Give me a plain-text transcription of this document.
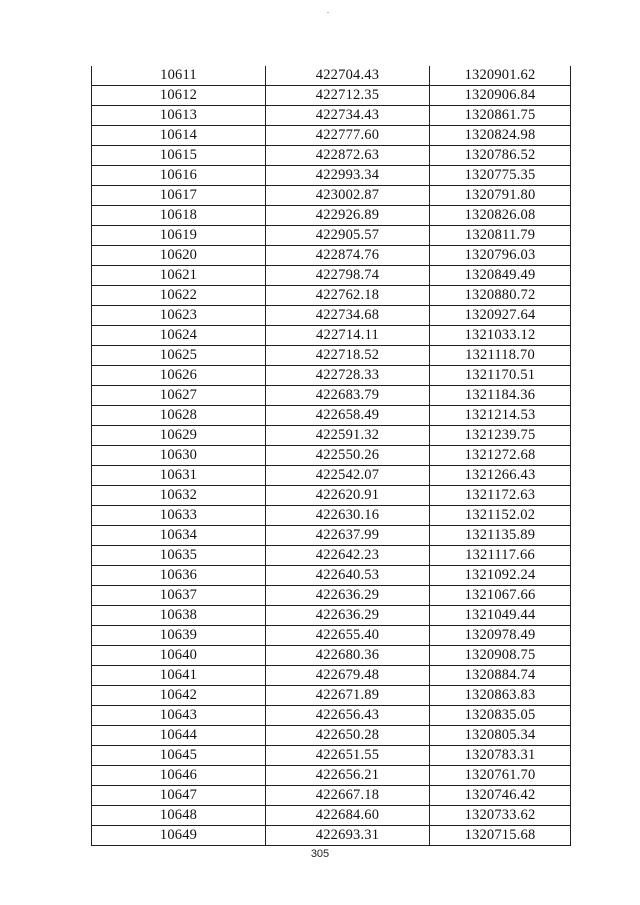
10611	422704.43	1320901.62
10612	422712.35	1320906.84
10613	422734.43	1320861.75
10614	422777.60	1320824.98
10615	422872.63	1320786.52
10616	422993.34	1320775.35
10617	423002.87	1320791.80
10618	422926.89	1320826.08
10619	422905.57	1320811.79
10620	422874.76	1320796.03
10621	422798.74	1320849.49
10622	422762.18	1320880.72
10623	422734.68	1320927.64
10624	422714.11	1321033.12
10625	422718.52	1321118.70
10626	422728.33	1321170.51
10627	422683.79	1321184.36
10628	422658.49	1321214.53
10629	422591.32	1321239.75
10630	422550.26	1321272.68
10631	422542.07	1321266.43
10632	422620.91	1321172.63
10633	422630.16	1321152.02
10634	422637.99	1321135.89
10635	422642.23	1321117.66
10636	422640.53	1321092.24
10637	422636.29	1321067.66
10638	422636.29	1321049.44
10639	422655.40	1320978.49
10640	422680.36	1320908.75
10641	422679.48	1320884.74
10642	422671.89	1320863.83
10643	422656.43	1320835.05
10644	422650.28	1320805.34
10645	422651.55	1320783.31
10646	422656.21	1320761.70
10647	422667.18	1320746.42
10648	422684.60	1320733.62
10649	422693.31	1320715.68
305
